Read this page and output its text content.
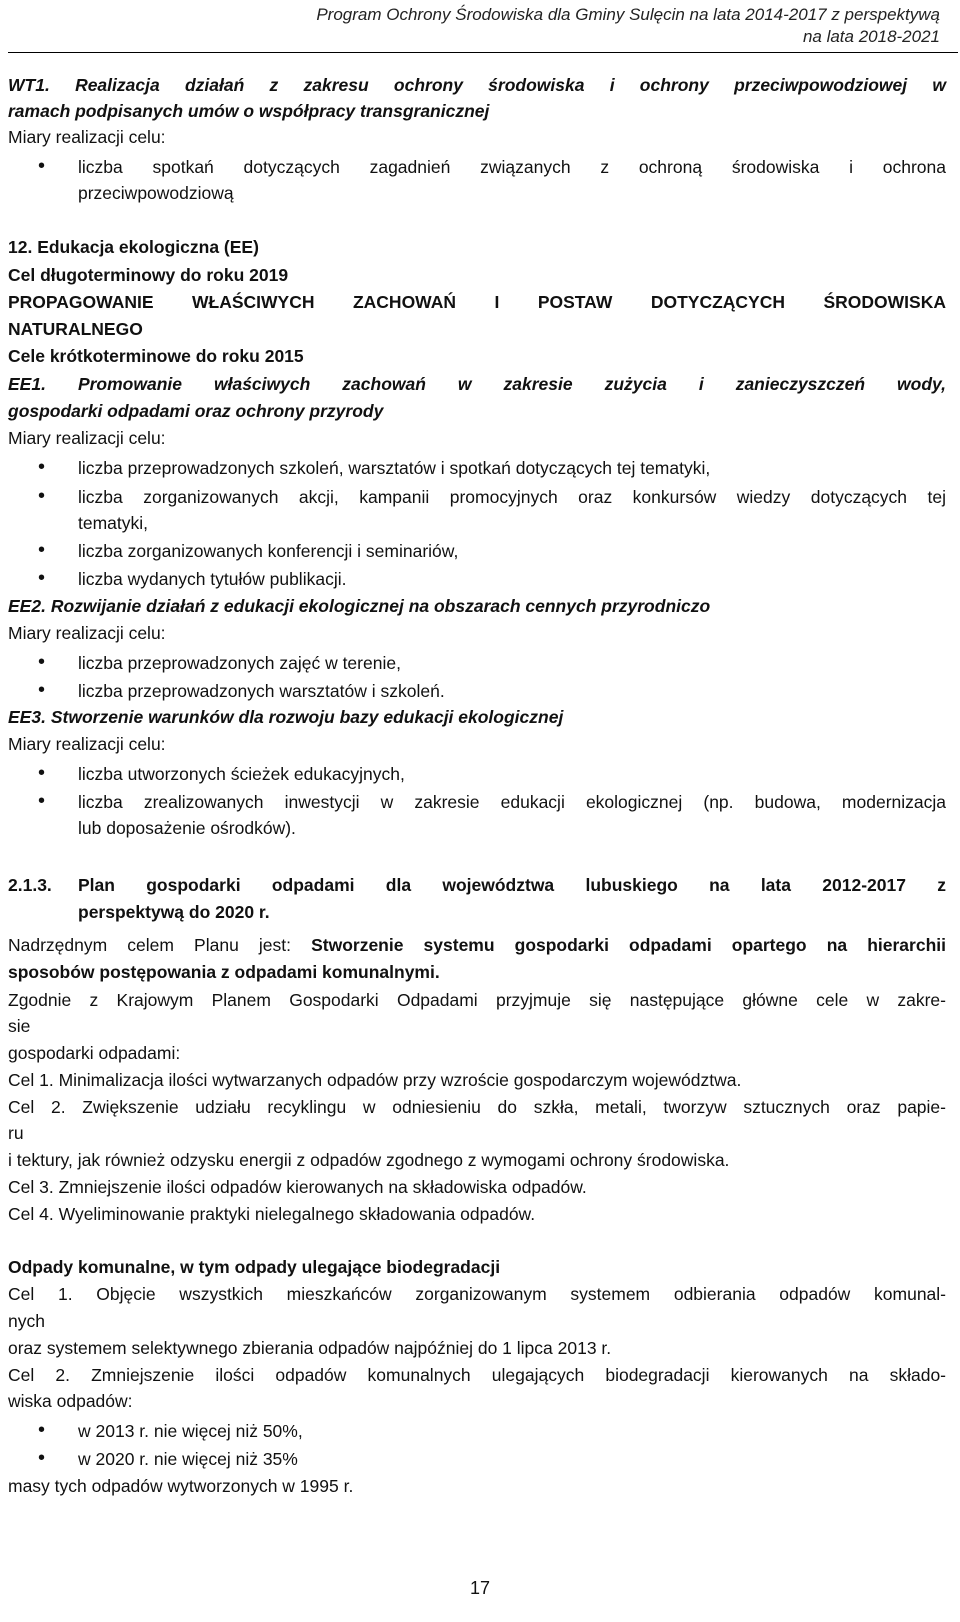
Program Ochrony Środowiska dla Gminy Sulęcin na lata 2014-2017 z perspektywą
na lata 2018-2021
WT1. Realizacja działań z zakresu ochrony środowiska i ochrony przeciwpowodziowej w
ramach podpisanych umów o współpracy transgranicznej
Miary realizacji celu:
• liczba spotkań dotyczących zagadnień związanych z ochroną środowiska i ochrona
przeciwpowodziową
12. Edukacja ekologiczna (EE)
Cel długoterminowy do roku 2019
PROPAGOWANIE WŁAŚCIWYCH ZACHOWAŃ I POSTAW DOTYCZĄCYCH ŚRODOWISKA
NATURALNEGO
Cele krótkoterminowe do roku 2015
EE1. Promowanie właściwych zachowań w zakresie zużycia i zanieczyszczeń wody,
gospodarki odpadami oraz ochrony przyrody
Miary realizacji celu:
• liczba przeprowadzonych szkoleń, warsztatów i spotkań dotyczących tej tematyki,
• liczba zorganizowanych akcji, kampanii promocyjnych oraz konkursów wiedzy dotyczących tej
tematyki,
• liczba zorganizowanych konferencji i seminariów,
• liczba wydanych tytułów publikacji.
EE2. Rozwijanie działań z edukacji ekologicznej na obszarach cennych przyrodniczo
Miary realizacji celu:
• liczba przeprowadzonych zajęć w terenie,
• liczba przeprowadzonych warsztatów i szkoleń.
EE3. Stworzenie warunków dla rozwoju bazy edukacji ekologicznej
Miary realizacji celu:
• liczba utworzonych ścieżek edukacyjnych,
• liczba zrealizowanych inwestycji w zakresie edukacji ekologicznej (np. budowa, modernizacja
lub doposażenie ośrodków).
2.1.3. Plan gospodarki odpadami dla województwa lubuskiego na lata 2012-2017 z
perspektywą do 2020 r.
Nadrzędnym celem Planu jest: Stworzenie systemu gospodarki odpadami opartego na hierarchii
sposobów postępowania z odpadami komunalnymi.
Zgodnie z Krajowym Planem Gospodarki Odpadami przyjmuje się następujące główne cele w zakre-
sie
gospodarki odpadami:
Cel 1. Minimalizacja ilości wytwarzanych odpadów przy wzroście gospodarczym województwa.
Cel 2. Zwiększenie udziału recyklingu w odniesieniu do szkła, metali, tworzyw sztucznych oraz papie-
ru
i tektury, jak również odzysku energii z odpadów zgodnego z wymogami ochrony środowiska.
Cel 3. Zmniejszenie ilości odpadów kierowanych na składowiska odpadów.
Cel 4. Wyeliminowanie praktyki nielegalnego składowania odpadów.
Odpady komunalne, w tym odpady ulegające biodegradacji
Cel 1. Objęcie wszystkich mieszkańców zorganizowanym systemem odbierania odpadów komunal-
nych
oraz systemem selektywnego zbierania odpadów najpóźniej do 1 lipca 2013 r.
Cel 2. Zmniejszenie ilości odpadów komunalnych ulegających biodegradacji kierowanych na składo-
wiska odpadów:
• w 2013 r. nie więcej niż 50%,
• w 2020 r. nie więcej niż 35%
masy tych odpadów wytworzonych w 1995 r.
17
